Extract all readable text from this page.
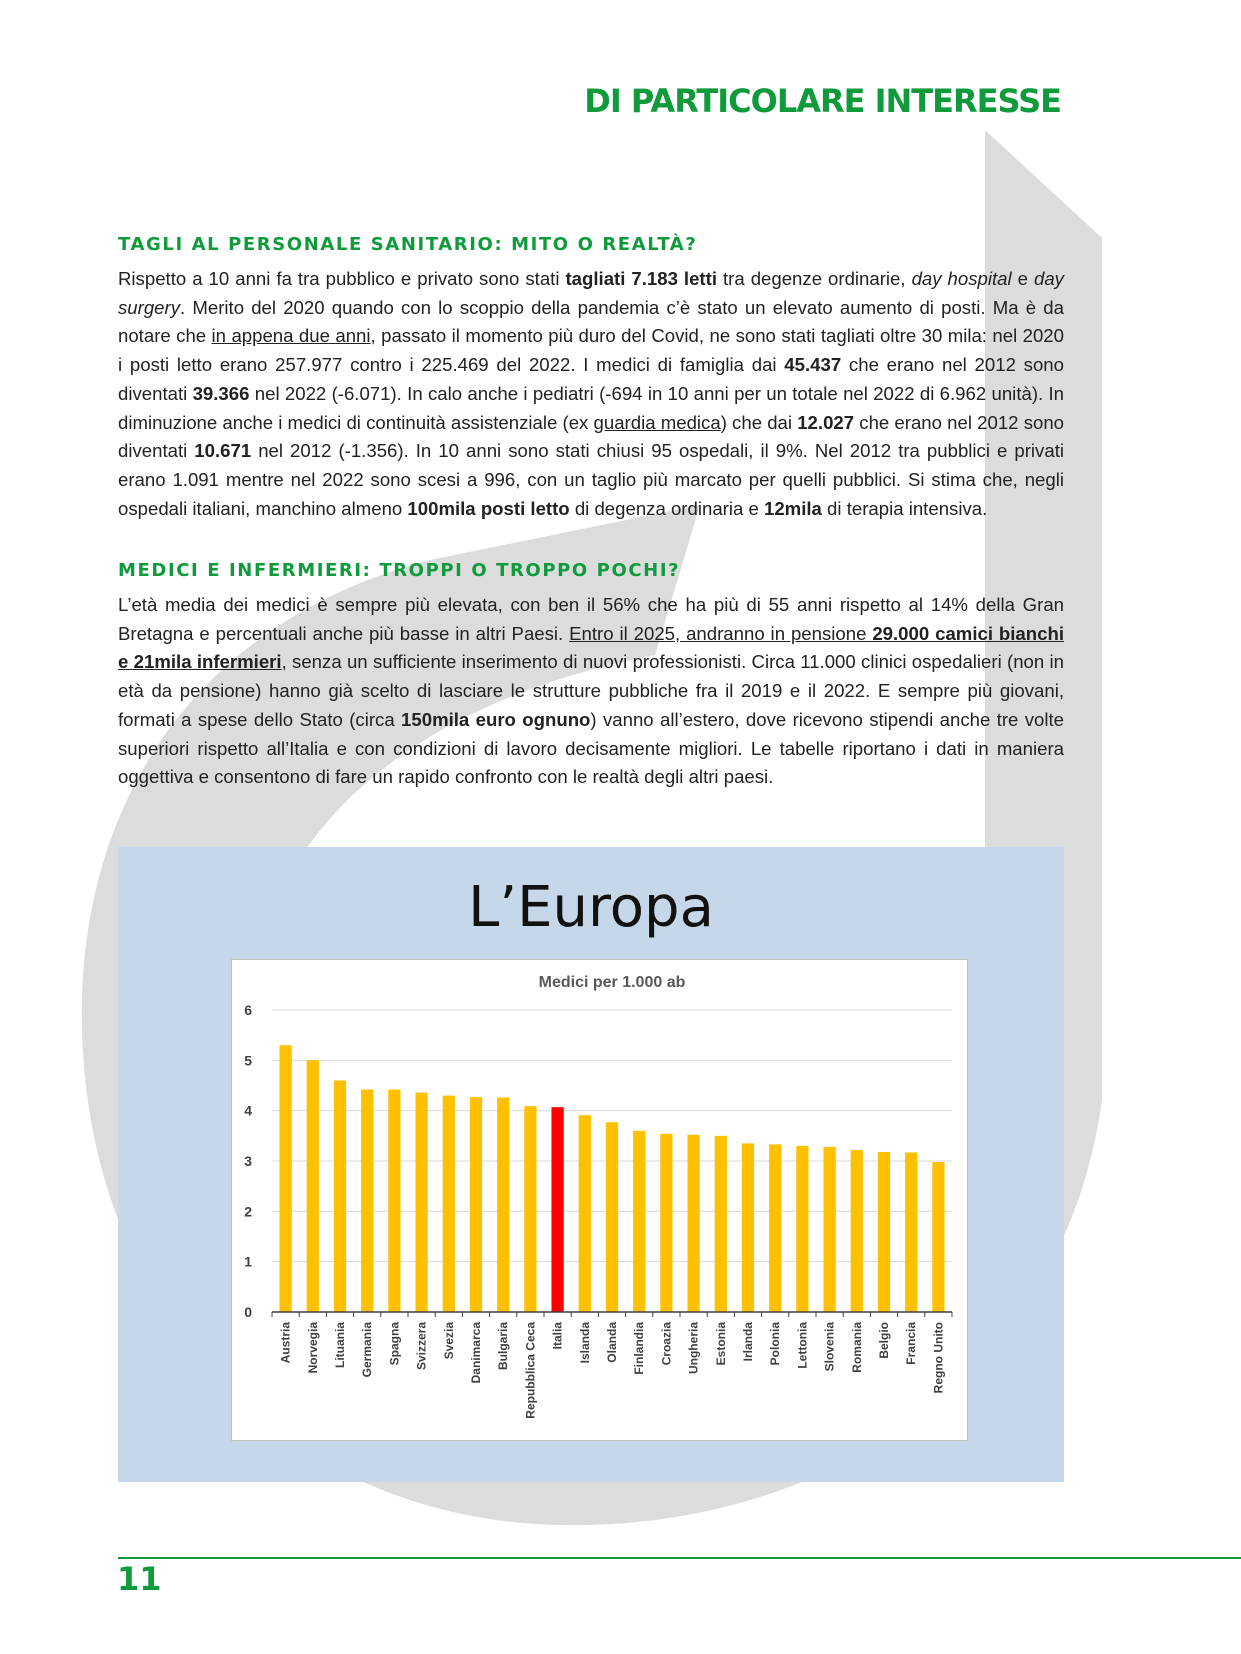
DI PARTICOLARE INTERESSE
TAGLI AL PERSONALE SANITARIO: MITO O REALTÀ?

Rispetto a 10 anni fa tra pubblico e privato sono stati tagliati 7.183 letti tra degenze ordinarie, day hospital e day surgery. Merito del 2020 quando con lo scoppio della pandemia c’è stato un elevato aumento di posti. Ma è da notare che in appena due anni, passato il momento più duro del Covid, ne sono stati tagliati oltre 30 mila: nel 2020 i posti letto erano 257.977 contro i 225.469 del 2022. I medici di famiglia dai 45.437 che erano nel 2012 sono diventati 39.366 nel 2022 (-6.071). In calo anche i pediatri (-694 in 10 anni per un totale nel 2022 di 6.962 unità). In diminuzione anche i medici di continuità assistenziale (ex guardia medica) che dai 12.027 che erano nel 2012 sono diventati 10.671 nel 2012 (-1.356). In 10 anni sono stati chiusi 95 ospedali, il 9%. Nel 2012 tra pubblici e privati erano 1.091 mentre nel 2022 sono scesi a 996, con un taglio più marcato per quelli pubblici. Si stima che, negli ospedali italiani, manchino almeno 100mila posti letto di degenza ordinaria e 12mila di terapia intensiva.

MEDICI E INFERMIERI: TROPPI O TROPPO POCHI?

L’età media dei medici è sempre più elevata, con ben il 56% che ha più di 55 anni rispetto al 14% della Gran Bretagna e percentuali anche più basse in altri Paesi. Entro il 2025, andranno in pensione 29.000 camici bianchi e 21mila infermieri, senza un sufficiente inserimento di nuovi professionisti. Circa 11.000 clinici ospedalieri (non in età da pensione) hanno già scelto di lasciare le strutture pubbliche fra il 2019 e il 2022. E sempre più giovani, formati a spese dello Stato (circa 150mila euro ognuno) vanno all’estero, dove ricevono stipendi anche tre volte superiori rispetto all’Italia e con condizioni di lavoro decisamente migliori. Le tabelle riportano i dati in maniera oggettiva e consentono di fare un rapido confronto con le realtà degli altri paesi.

L’Europa
Medici per 1.000 ab
0
1
2
3
4
5
6
Austria Norvegia Lituania Germania Spagna Svizzera Svezia Danimarca Bulgaria Repubblica Ceca Italia Islanda Olanda Finlandia Croazia Ungheria Estonia Irlanda Polonia Lettonia Slovenia Romania Belgio Francia Regno Unito
11
